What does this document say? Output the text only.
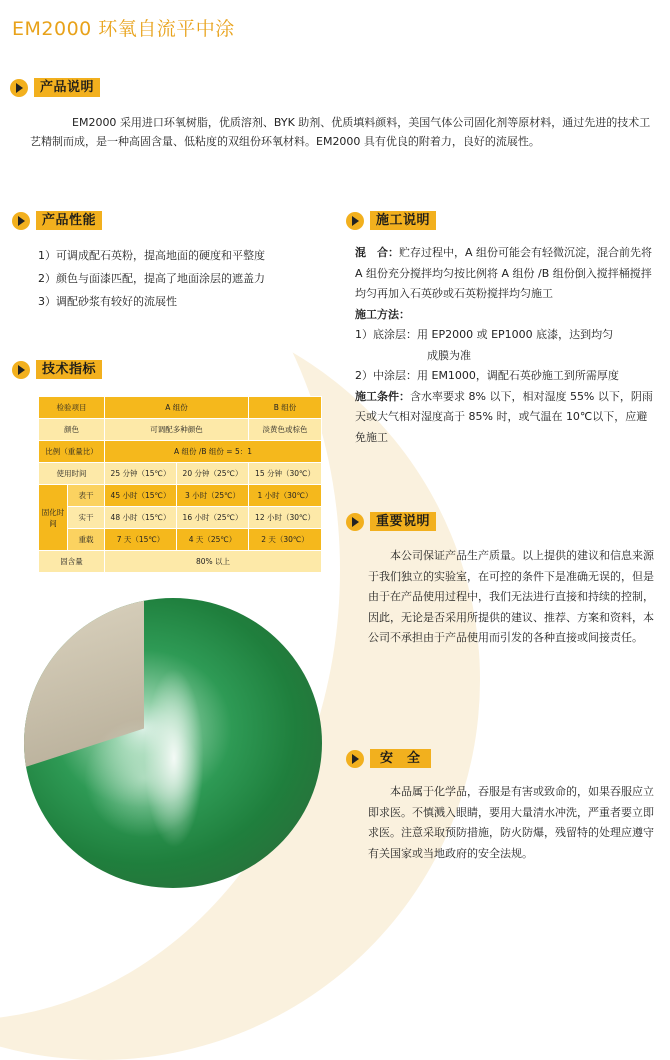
EM2000 环氧自流平中涂
产品说明
EM2000 采用进口环氧树脂，优质溶剂、BYK 助剂、优质填料颜料，美国气体公司固化剂等原材料，通过先进的技术工艺精制而成，是一种高固含量、低粘度的双组份环氧材料。EM2000 具有优良的附着力，良好的流展性。
产品性能
1）可调成配石英粉，提高地面的硬度和平整度
2）颜色与面漆匹配，提高了地面涂层的遮盖力
3）调配砂浆有较好的流展性
技术指标
检验项目		A 组份		B 组份
颜色		可调配多种颜色		淡黄色或棕色
比例（重量比）		A 组份 /B 组份 = 5：1		
使用时间		25 分钟（15℃）	20 分钟（25℃）	15 分钟（30℃）
固化时间	表干	45 小时（15℃）	3 小时（25℃）	1 小时（30℃）
	实干	48 小时（15℃）	16 小时（25℃）	12 小时（30℃）
	重载	7 天（15℃）	4 天（25℃）	2 天（30℃）
固含量		80% 以上		
施工说明
混　合：贮存过程中，A 组份可能会有轻微沉淀，混合前先将 A 组份充分搅拌均匀按比例将 A 组份 /B 组份倒入搅拌桶搅拌均匀再加入石英砂或石英粉搅拌均匀施工
施工方法：
1）底涂层：用 EP2000 或 EP1000 底漆，达到均匀
成膜为准
2）中涂层：用 EM1000，调配石英砂施工到所需厚度
施工条件：含水率要求 8% 以下，相对湿度 55% 以下，阴雨天或大气相对湿度高于 85% 时，或气温在 10℃以下，应避免施工
重要说明
本公司保证产品生产质量。以上提供的建议和信息来源于我们独立的实验室，在可控的条件下是准确无误的，但是由于在产品使用过程中，我们无法进行直接和持续的控制，因此，无论是否采用所提供的建议、推荐、方案和资料，本公司不承担由于产品使用而引发的各种直接或间接责任。
安　全
本品属于化学品，吞服是有害或致命的，如果吞服应立即求医。不慎溅入眼睛，要用大量清水冲洗，严重者要立即求医。注意采取预防措施，防火防爆，残留特的处理应遵守有关国家或当地政府的安全法规。
